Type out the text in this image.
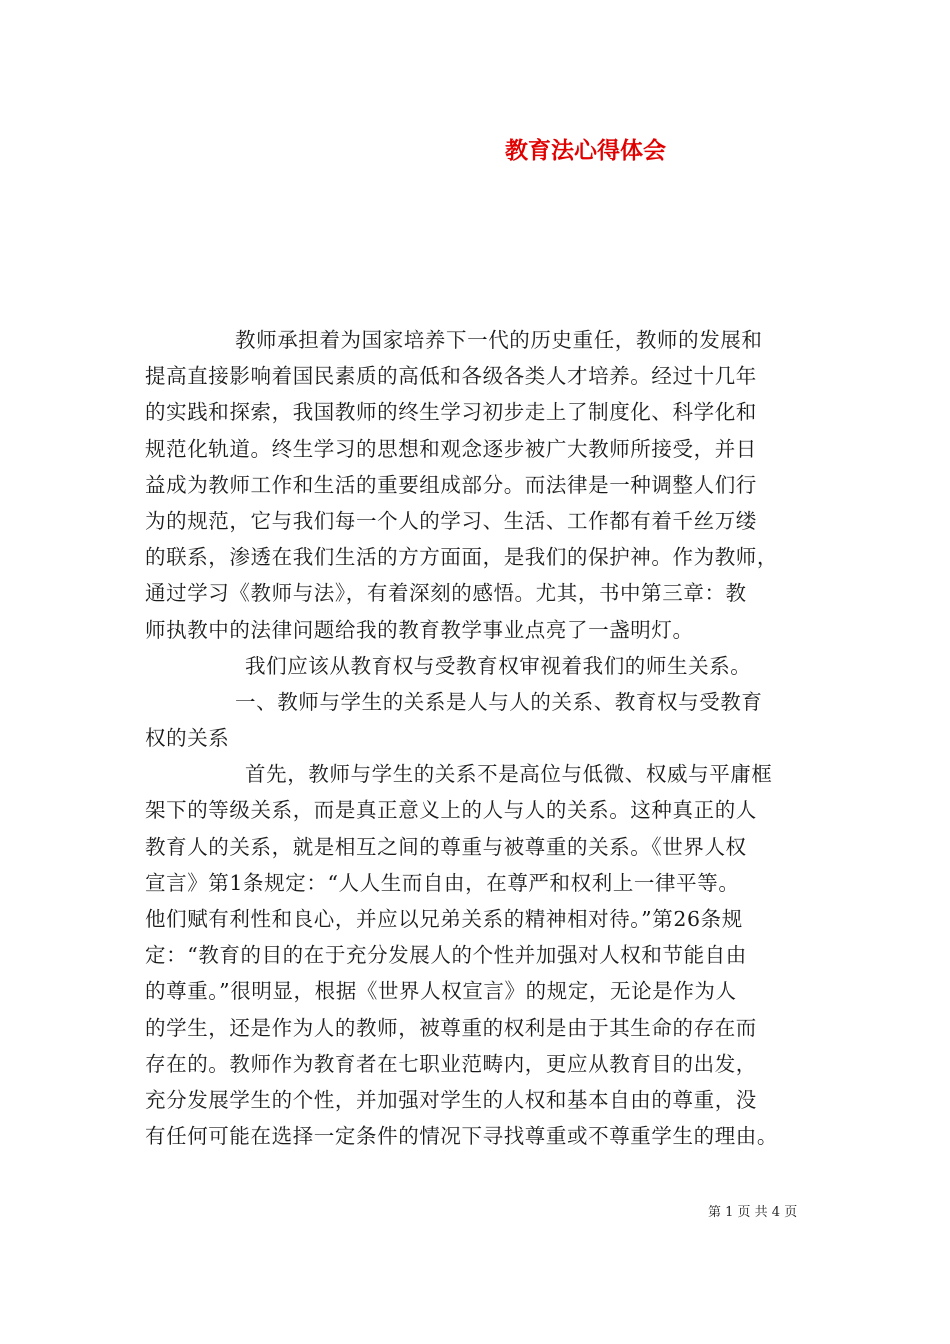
教育法心得体会
教师承担着为国家培养下一代的历史重任，教师的发展和
提高直接影响着国民素质的高低和各级各类人才培养。经过十几年
的实践和探索，我国教师的终生学习初步走上了制度化、科学化和
规范化轨道。终生学习的思想和观念逐步被广大教师所接受，并日
益成为教师工作和生活的重要组成部分。而法律是一种调整人们行
为的规范，它与我们每一个人的学习、生活、工作都有着千丝万缕
的联系，渗透在我们生活的方方面面，是我们的保护神。作为教师，
通过学习《教师与法》，有着深刻的感悟。尤其，书中第三章：教
师执教中的法律问题给我的教育教学事业点亮了一盏明灯。
我们应该从教育权与受教育权审视着我们的师生关系。
一、教师与学生的关系是人与人的关系、教育权与受教育
权的关系
首先，教师与学生的关系不是高位与低微、权威与平庸框
架下的等级关系，而是真正意义上的人与人的关系。这种真正的人
教育人的关系，就是相互之间的尊重与被尊重的关系。《世界人权
宣言》第1条规定：“人人生而自由，在尊严和权利上一律平等。
他们赋有利性和良心，并应以兄弟关系的精神相对待。”第26条规
定：“教育的目的在于充分发展人的个性并加强对人权和节能自由
的尊重。”很明显，根据《世界人权宣言》的规定，无论是作为人
的学生，还是作为人的教师，被尊重的权利是由于其生命的存在而
存在的。教师作为教育者在七职业范畴内，更应从教育目的出发，
充分发展学生的个性，并加强对学生的人权和基本自由的尊重，没
有任何可能在选择一定条件的情况下寻找尊重或不尊重学生的理由。
第 1 页 共 4 页
